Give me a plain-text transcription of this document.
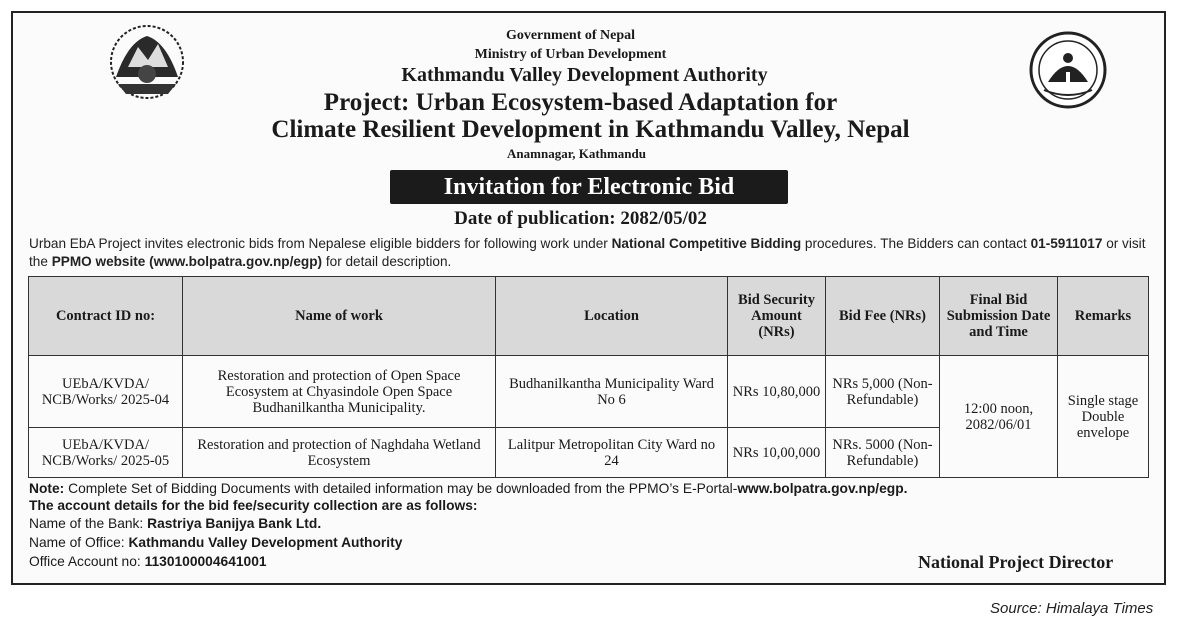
Government of Nepal
Ministry of Urban Development
Kathmandu Valley Development Authority
Project: Urban Ecosystem-based Adaptation for
Climate Resilient Development in Kathmandu Valley, Nepal
Anamnagar, Kathmandu
Invitation for Electronic Bid
Date of publication: 2082/05/02
Urban EbA Project invites electronic bids from Nepalese eligible bidders for following work under National Competitive Bidding procedures. The Bidders can contact 01-5911017 or visit the PPMO website (www.bolpatra.gov.np/egp) for detail description.
Contract ID no:	Name of work	Location	Bid Security Amount (NRs)	Bid Fee (NRs)	Final Bid Submission Date and Time	Remarks
UEbA/KVDA/ NCB/Works/ 2025-04	Restoration and protection of Open Space Ecosystem at Chyasindole Open Space Budhanilkantha Municipality.	Budhanilkantha Municipality Ward No 6	NRs 10,80,000	NRs 5,000 (Non-Refundable)	12:00 noon, 2082/06/01	Single stage Double envelope
UEbA/KVDA/ NCB/Works/ 2025-05	Restoration and protection of Naghdaha Wetland Ecosystem	Lalitpur Metropolitan City Ward no 24	NRs 10,00,000	NRs. 5000 (Non-Refundable)		
Note: Complete Set of Bidding Documents with detailed information may be downloaded from the PPMO’s E-Portal-www.bolpatra.gov.np/egp.
The account details for the bid fee/security collection are as follows:
Name of the Bank: Rastriya Banijya Bank Ltd.
Name of Office: Kathmandu Valley Development Authority
Office Account no: 1130100004641001	National Project Director
Source: Himalaya Times
